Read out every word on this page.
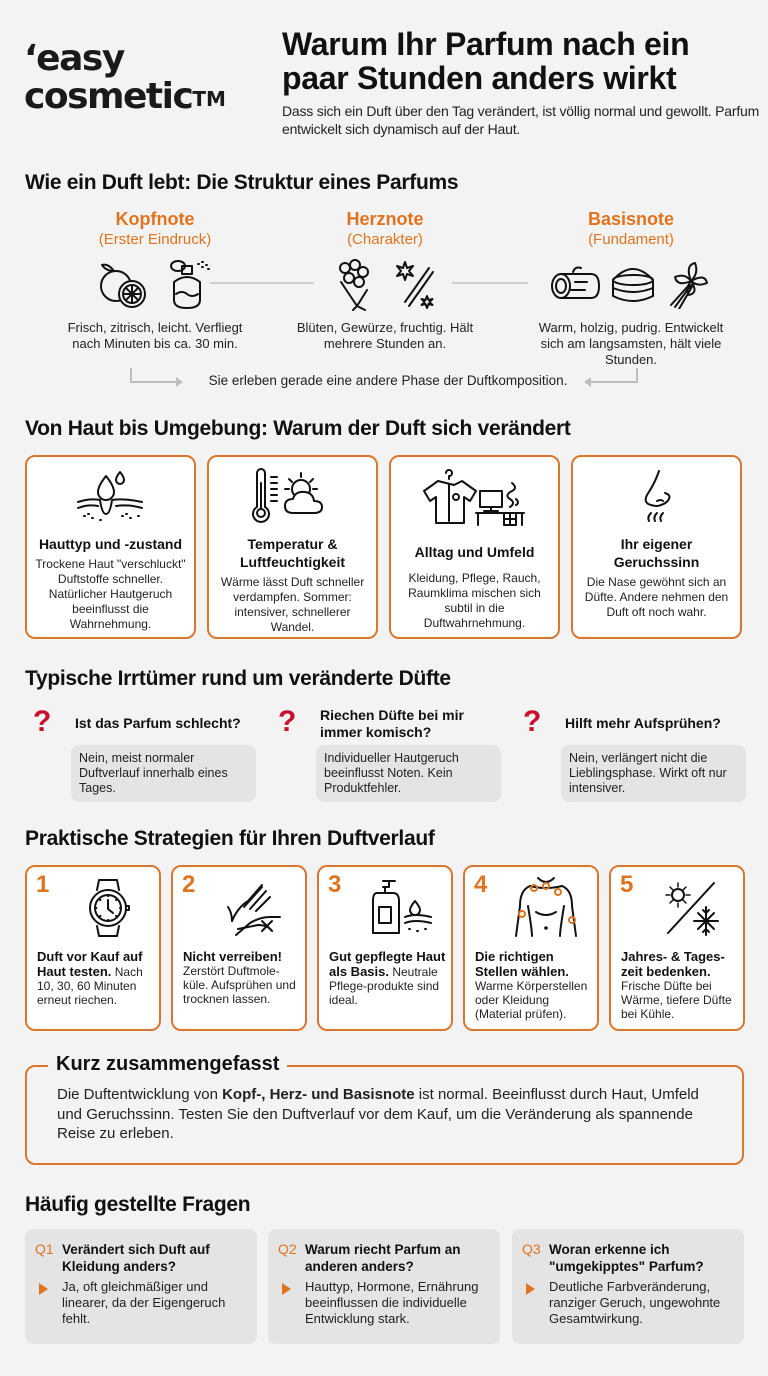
‘easy
cosmetic™
Warum Ihr Parfum nach ein paar Stunden anders wirkt
Dass sich ein Duft über den Tag verändert, ist völlig normal und gewollt. Parfum entwickelt sich dynamisch auf der Haut.
Wie ein Duft lebt: Die Struktur eines Parfums
Kopfnote
(Erster Eindruck)
Frisch, zitrisch, leicht. Verfliegt nach Minuten bis ca. 30 min.
Herznote
(Charakter)
Blüten, Gewürze, fruchtig. Hält mehrere Stunden an.
Basisnote
(Fundament)
Warm, holzig, pudrig. Entwickelt sich am langsamsten, hält viele Stunden.
Sie erleben gerade eine andere Phase der Duftkomposition.
Von Haut bis Umgebung: Warum der Duft sich verändert
Hauttyp und -zustand
Trockene Haut "verschluckt" Duftstoffe schneller. Natürlicher Hautgeruch beeinflusst die Wahrnehmung.
Temperatur & Luftfeuchtigkeit
Wärme lässt Duft schneller verdampfen. Sommer: intensiver, schnellerer Wandel.
Alltag und Umfeld
Kleidung, Pflege, Rauch, Raumklima mischen sich subtil in die Duftwahrnehmung.
Ihr eigener Geruchssinn
Die Nase gewöhnt sich an Düfte. Andere nehmen den Duft oft noch wahr.
Typische Irrtümer rund um veränderte Düfte
? Ist das Parfum schlecht?
Nein, meist normaler Duftverlauf innerhalb eines Tages.
? Riechen Düfte bei mir immer komisch?
Individueller Hautgeruch beeinflusst Noten. Kein Produktfehler.
? Hilft mehr Aufsprühen?
Nein, verlängert nicht die Lieblingsphase. Wirkt oft nur intensiver.
Praktische Strategien für Ihren Duftverlauf
1
Duft vor Kauf auf Haut testen. Nach 10, 30, 60 Minuten erneut riechen.
2
Nicht verreiben! Zerstört Duftmole-küle. Aufsprühen und trocknen lassen.
3
Gut gepflegte Haut als Basis. Neutrale Pflege-produkte sind ideal.
4
Die richtigen Stellen wählen. Warme Körperstellen oder Kleidung (Material prüfen).
5
Jahres- & Tages-zeit bedenken. Frische Düfte bei Wärme, tiefere Düfte bei Kühle.
Kurz zusammengefasst
Die Duftentwicklung von Kopf-, Herz- und Basisnote ist normal. Beeinflusst durch Haut, Umfeld und Geruchssinn. Testen Sie den Duftverlauf vor dem Kauf, um die Veränderung als spannende Reise zu erleben.
Häufig gestellte Fragen
Q1 Verändert sich Duft auf Kleidung anders?
Ja, oft gleichmäßiger und linearer, da der Eigengeruch fehlt.
Q2 Warum riecht Parfum an anderen anders?
Hauttyp, Hormone, Ernährung beeinflussen die individuelle Entwicklung stark.
Q3 Woran erkenne ich "umgekipptes" Parfum?
Deutliche Farbveränderung, ranziger Geruch, ungewohnte Gesamtwirkung.
